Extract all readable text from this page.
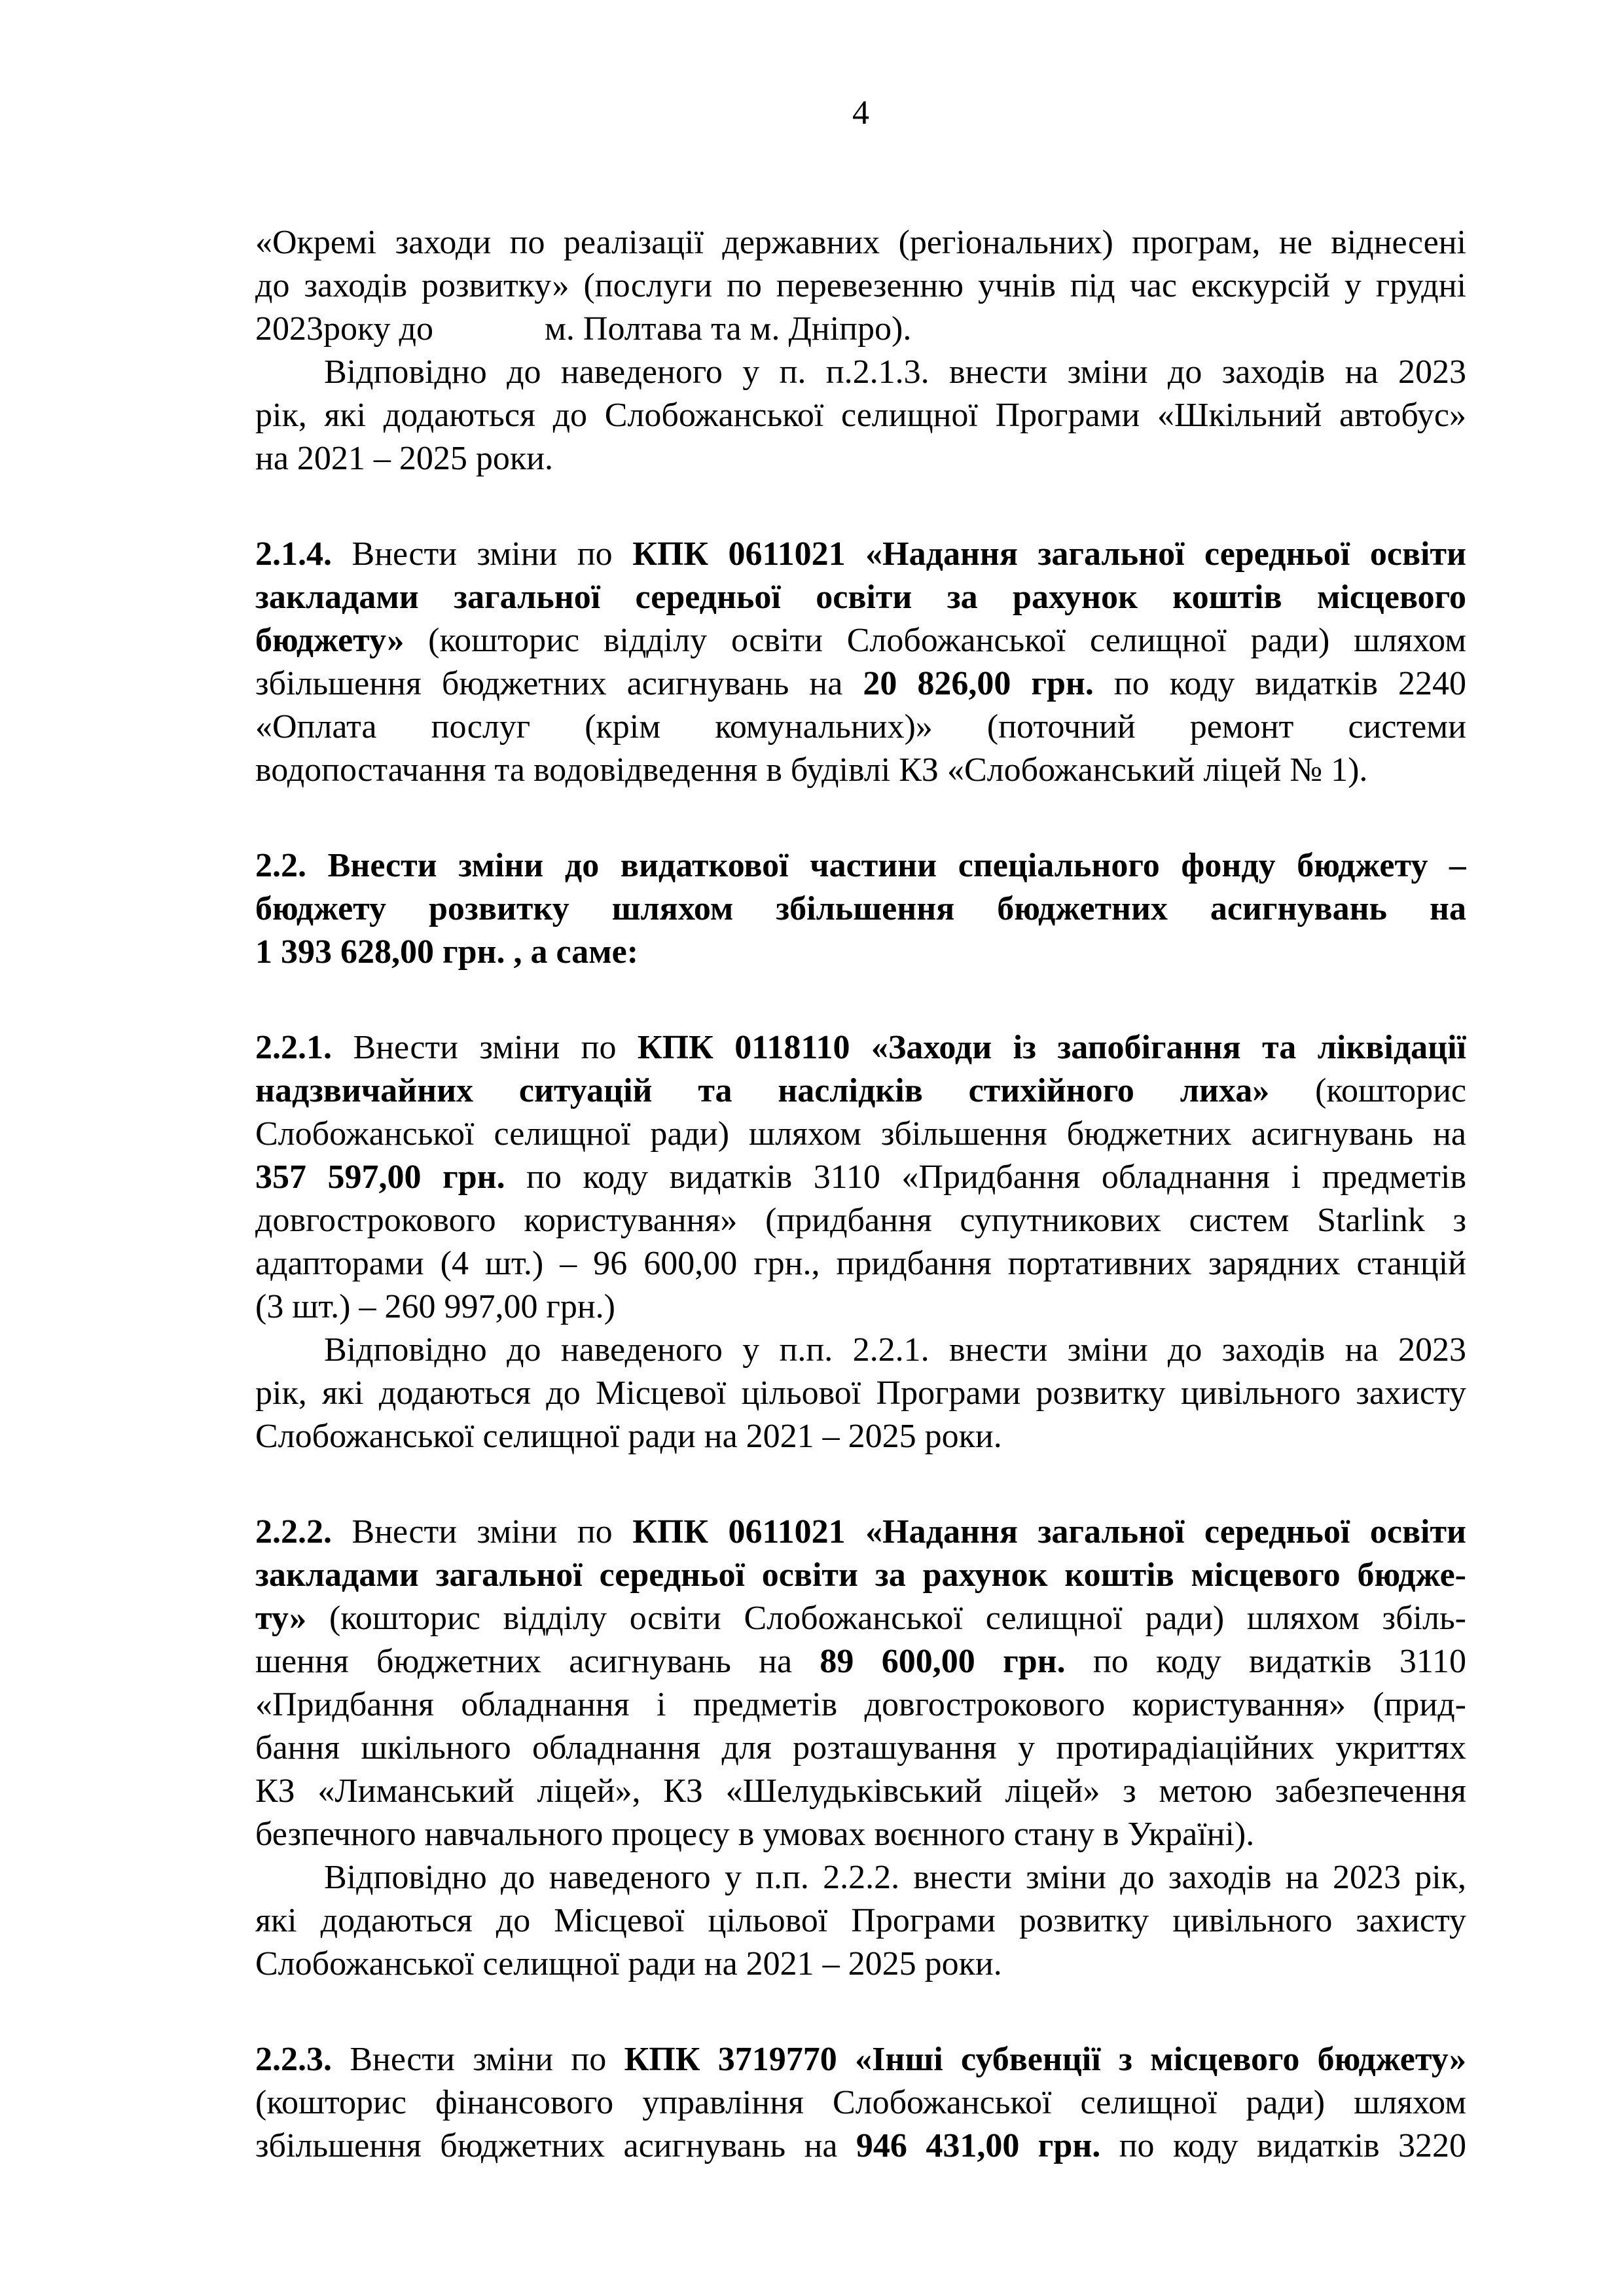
4
«Окремі заходи по реалізації державних (регіональних) програм, не віднесені
до заходів розвитку» (послуги по перевезенню учнів під час екскурсій у грудні
2023року до	м. Полтава та м. Дніпро).
Відповідно до наведеного у п. п.2.1.3. внести зміни до заходів на 2023
рік, які додаються до Слобожанської селищної Програми «Шкільний автобус»
на 2021 – 2025 роки.
2.1.4. Внести зміни по КПК 0611021 «Надання загальної середньої освіти
закладами загальної середньої освіти за рахунок коштів місцевого
бюджету» (кошторис відділу освіти Слобожанської селищної ради) шляхом
збільшення бюджетних асигнувань на 20 826,00 грн. по коду видатків 2240
«Оплата послуг (крім комунальних)» (поточний ремонт системи
водопостачання та водовідведення в будівлі КЗ «Слобожанський ліцей № 1).
2.2. Внести зміни до видаткової частини спеціального фонду бюджету –
бюджету розвитку шляхом збільшення бюджетних асигнувань на
1 393 628,00 грн. , а саме:
2.2.1. Внести зміни по КПК 0118110 «Заходи із запобігання та ліквідації
надзвичайних ситуацій та наслідків стихійного лиха» (кошторис
Слобожанської селищної ради) шляхом збільшення бюджетних асигнувань на
357 597,00 грн. по коду видатків 3110 «Придбання обладнання і предметів
довгострокового користування» (придбання супутникових систем Starlink з
адапторами (4 шт.) – 96 600,00 грн., придбання портативних зарядних станцій
(3 шт.) – 260 997,00 грн.)
Відповідно до наведеного у п.п. 2.2.1. внести зміни до заходів на 2023
рік, які додаються до Місцевої цільової Програми розвитку цивільного захисту
Слобожанської селищної ради на 2021 – 2025 роки.
2.2.2. Внести зміни по КПК 0611021 «Надання загальної середньої освіти
закладами загальної середньої освіти за рахунок коштів місцевого бюдже-
ту» (кошторис відділу освіти Слобожанської селищної ради) шляхом збіль-
шення бюджетних асигнувань на 89 600,00 грн. по коду видатків 3110
«Придбання обладнання і предметів довгострокового користування» (прид-
бання шкільного обладнання для розташування у протирадіаційних укриттях
КЗ «Лиманський ліцей», КЗ «Шелудьківський ліцей» з метою забезпечення
безпечного навчального процесу в умовах воєнного стану в Україні).
Відповідно до наведеного у п.п. 2.2.2. внести зміни до заходів на 2023 рік,
які додаються до Місцевої цільової Програми розвитку цивільного захисту
Слобожанської селищної ради на 2021 – 2025 роки.
2.2.3. Внести зміни по КПК 3719770 «Інші субвенції з місцевого бюджету»
(кошторис фінансового управління Слобожанської селищної ради) шляхом
збільшення бюджетних асигнувань на 946 431,00 грн. по коду видатків 3220
